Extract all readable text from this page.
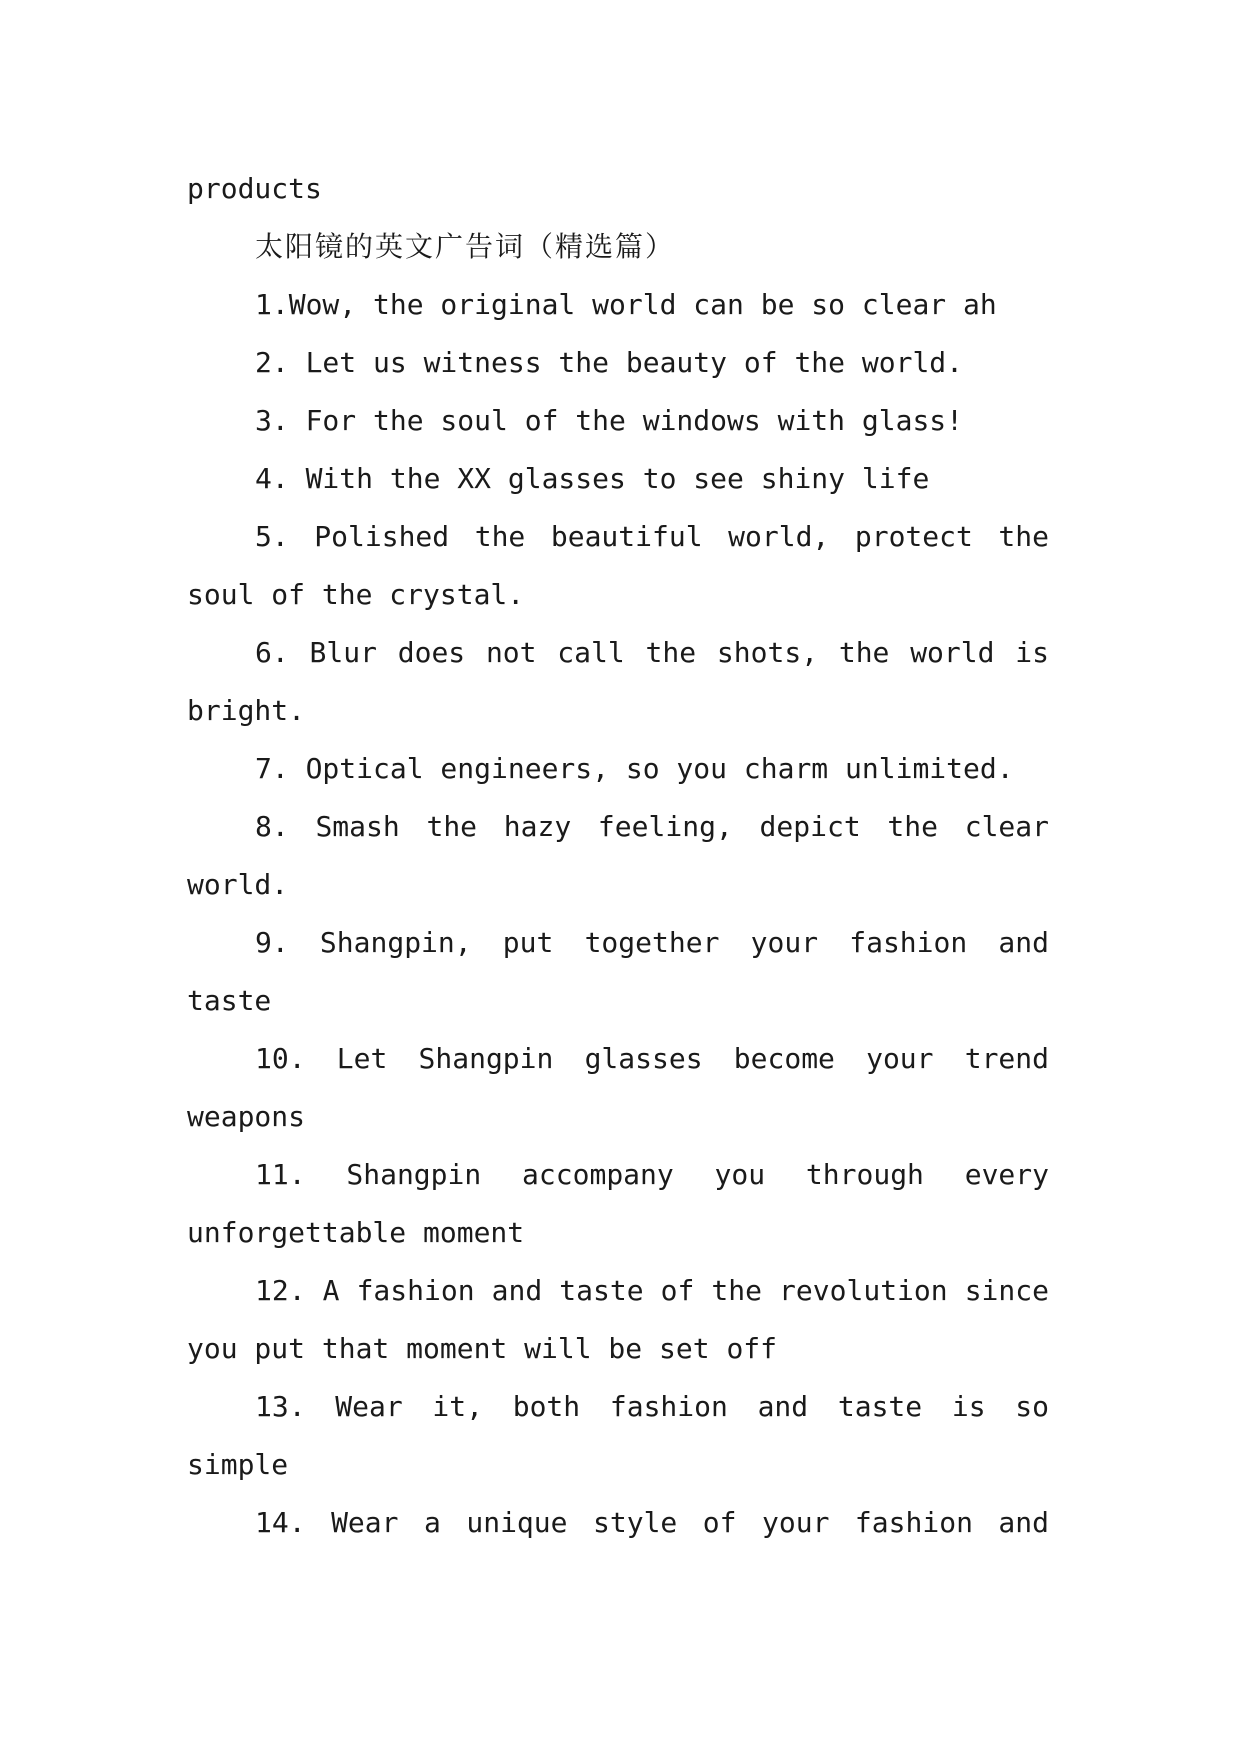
products
太阳镜的英文广告词（精选篇）
1.Wow, the original world can be so clear ah
2. Let us witness the beauty of the world.
3. For the soul of the windows with glass!
4. With the XX glasses to see shiny life
5. Polished the beautiful world, protect the
soul of the crystal.
6. Blur does not call the shots, the world is
bright.
7. Optical engineers, so you charm unlimited.
8. Smash the hazy feeling, depict the clear
world.
9. Shangpin, put together your fashion and
taste
10. Let Shangpin glasses become your trend
weapons
11. Shangpin accompany you through every
unforgettable moment
12. A fashion and taste of the revolution since
you put that moment will be set off
13. Wear it, both fashion and taste is so
simple
14. Wear a unique style of your fashion and
